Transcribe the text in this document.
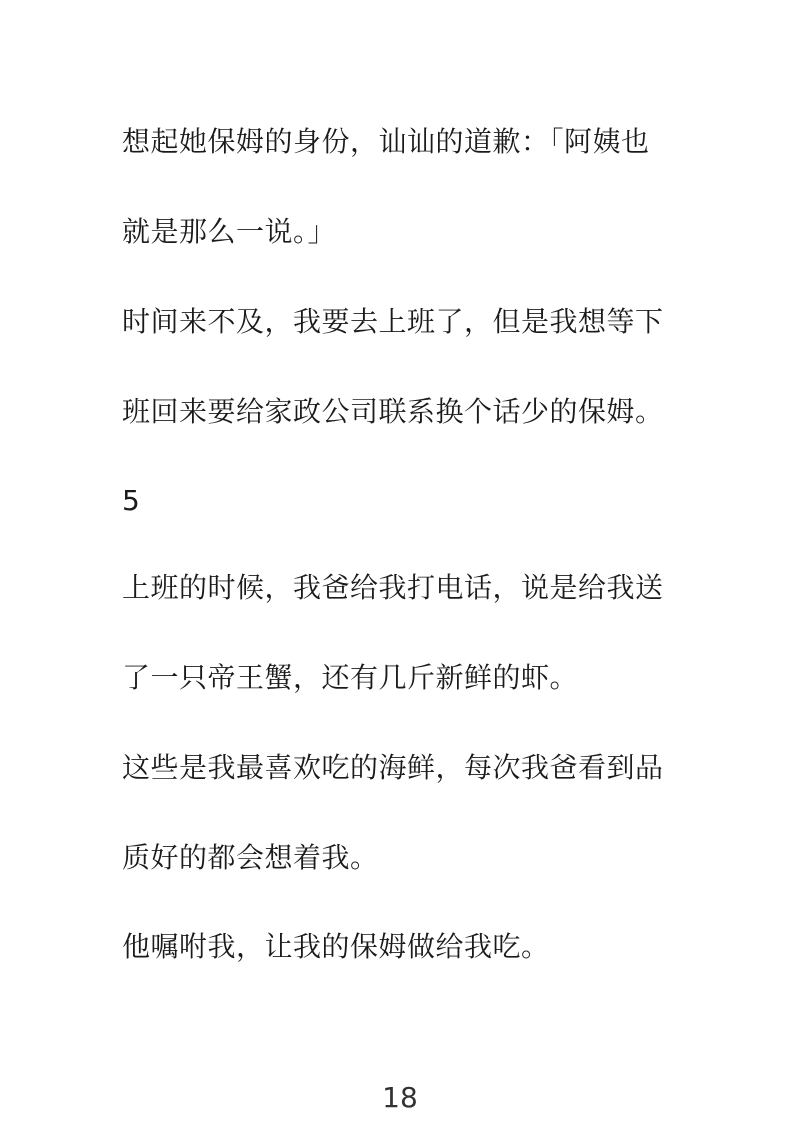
想起她保姆的身份，讪讪的道歉：「阿姨也
就是那么一说。」
时间来不及，我要去上班了，但是我想等下
班回来要给家政公司联系换个话少的保姆。
5
上班的时候，我爸给我打电话，说是给我送
了一只帝王蟹，还有几斤新鲜的虾。
这些是我最喜欢吃的海鲜，每次我爸看到品
质好的都会想着我。
他嘱咐我，让我的保姆做给我吃。
18
